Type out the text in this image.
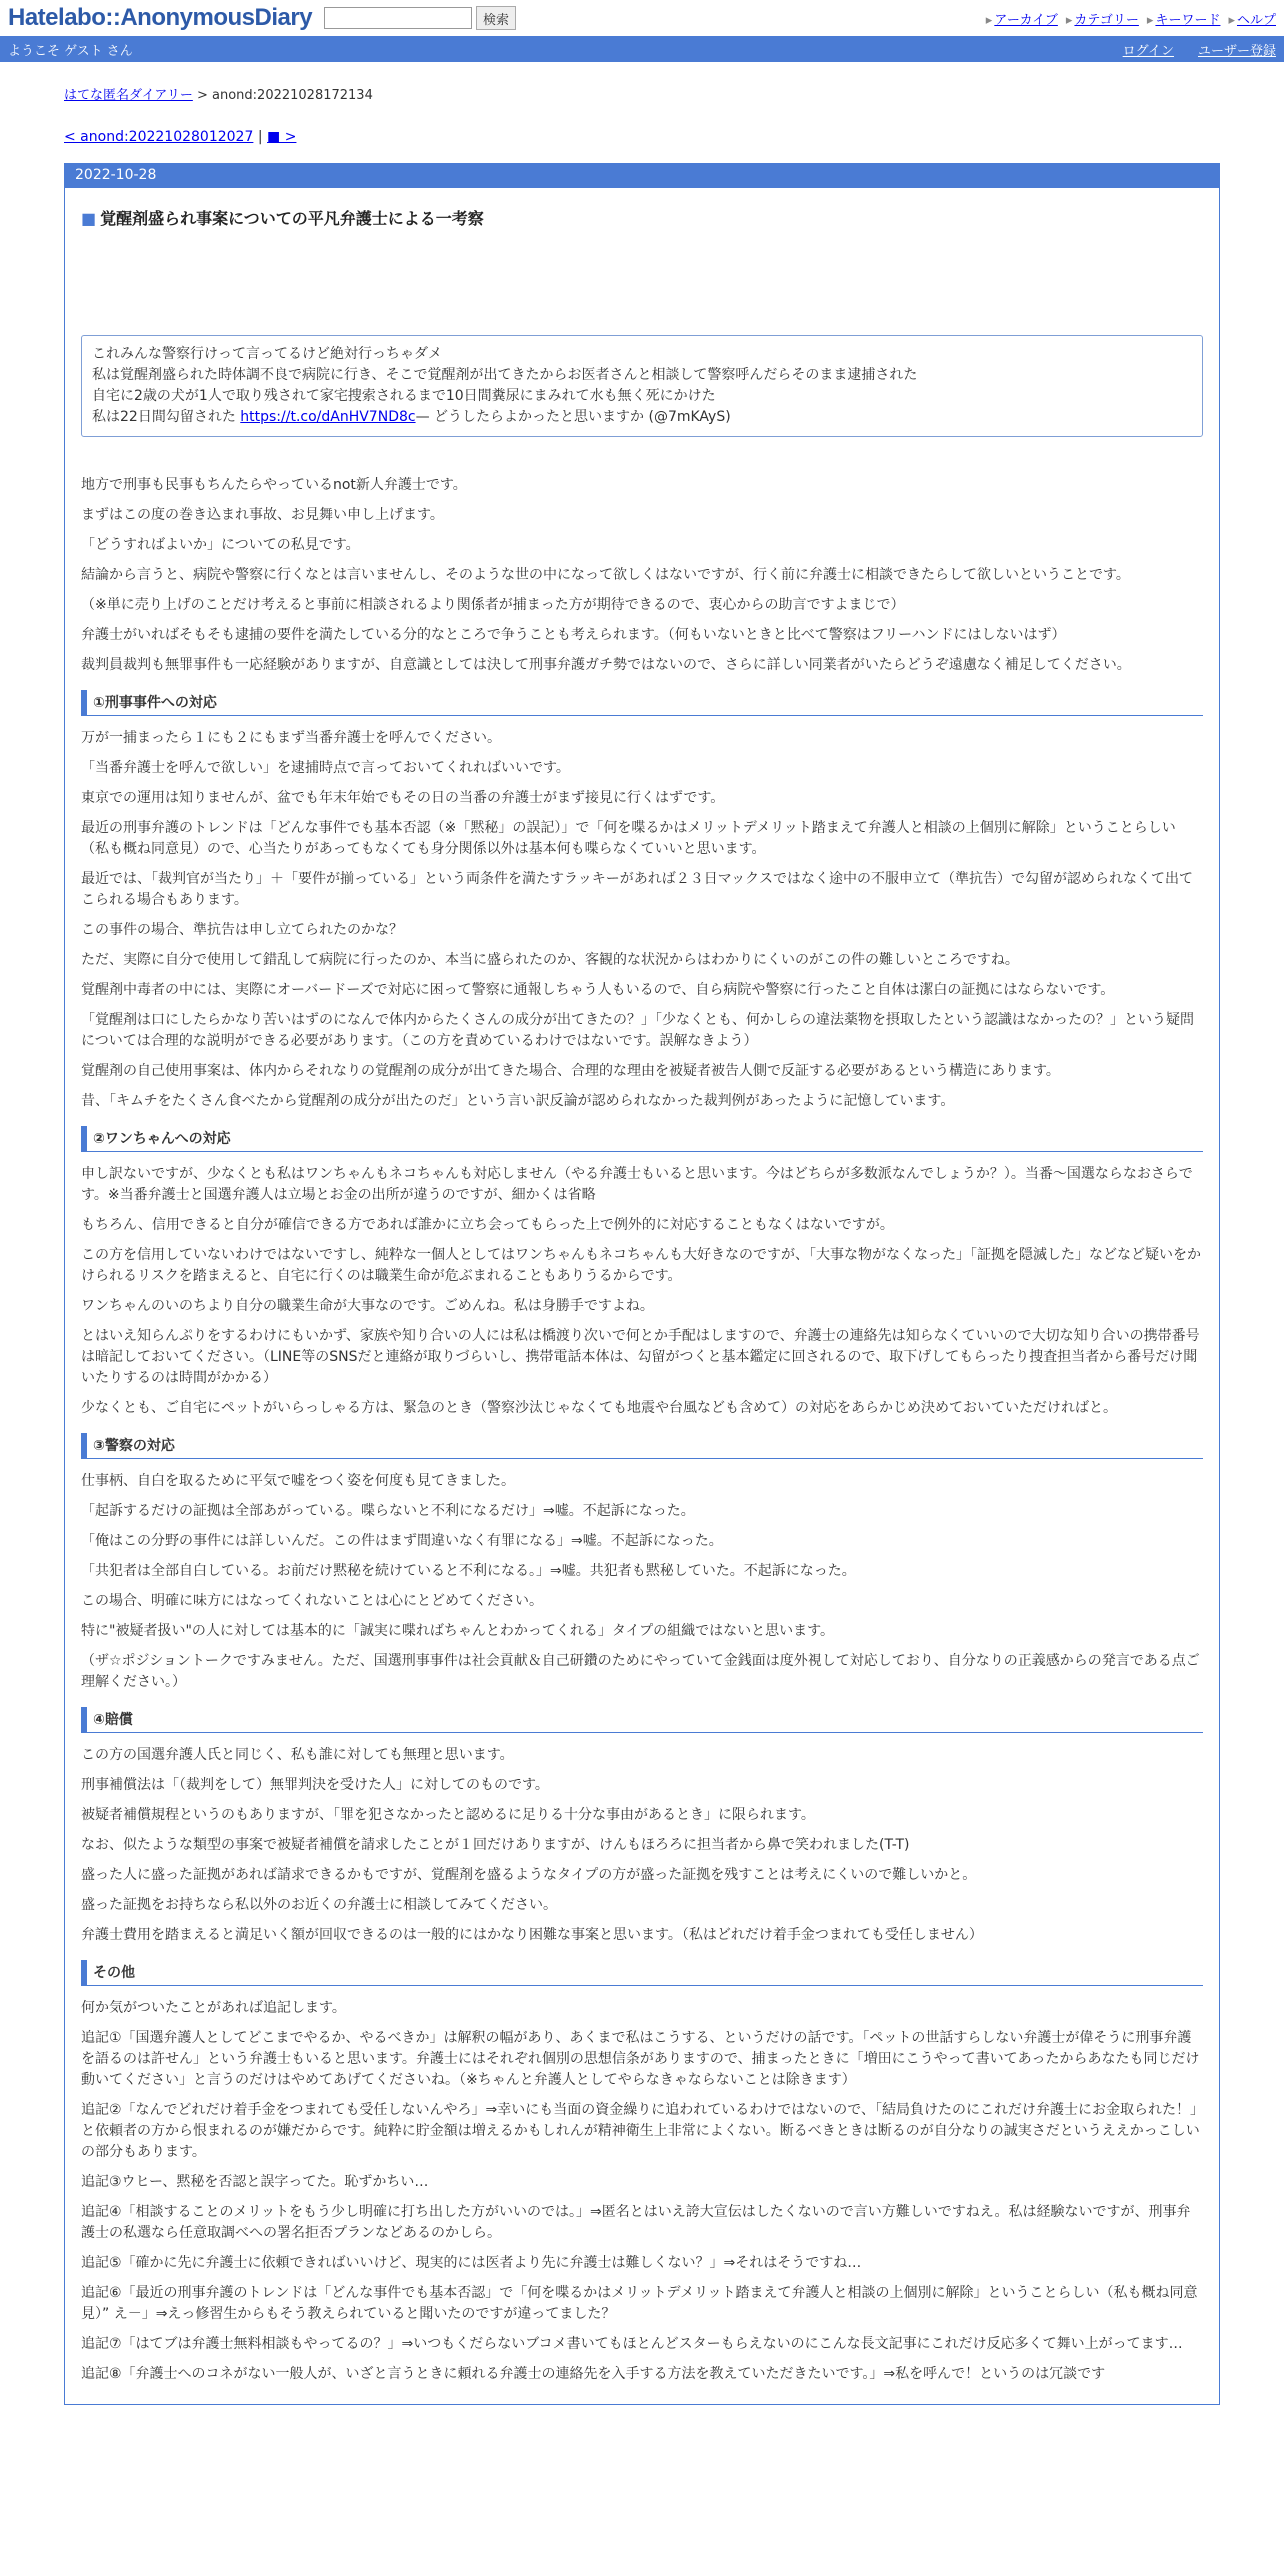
Hatelabo::AnonymousDiary	検索	▸ アーカイブ	▸ カテゴリー	▸ キーワード	▸ ヘルプ
ようこそ ゲスト さん	ログイン ユーザー登録
はてな匿名ダイアリー > anond:20221028172134
< anond:20221028012027 | ■ >
2022-10-28
■ 覚醒剤盛られ事案についての平凡弁護士による一考察
これみんな警察行けって言ってるけど絶対行っちゃダメ
私は覚醒剤盛られた時体調不良で病院に行き、そこで覚醒剤が出てきたからお医者さんと相談して警察呼んだらそのまま逮捕された
自宅に2歳の犬が1人で取り残されて家宅捜索されるまで10日間糞尿にまみれて水も無く死にかけた
私は22日間勾留された https://t.co/dAnHV7ND8c— どうしたらよかったと思いますか (@7mKAyS)

地方で刑事も民事もちんたらやっているnot新人弁護士です。

まずはこの度の巻き込まれ事故、お見舞い申し上げます。

「どうすればよいか」についての私見です。

結論から言うと、病院や警察に行くなとは言いませんし、そのような世の中になって欲しくはないですが、行く前に弁護士に相談できたらして欲しいということです。

（※単に売り上げのことだけ考えると事前に相談されるより関係者が捕まった方が期待できるので、衷心からの助言ですよまじで）

弁護士がいればそもそも逮捕の要件を満たしている分的なところで争うことも考えられます。（何もいないときと比べて警察はフリーハンドにはしないはず）

裁判員裁判も無罪事件も一応経験がありますが、自意識としては決して刑事弁護ガチ勢ではないので、さらに詳しい同業者がいたらどうぞ遠慮なく補足してください。

①刑事事件への対応

万が一捕まったら１にも２にもまず当番弁護士を呼んでください。

「当番弁護士を呼んで欲しい」を逮捕時点で言っておいてくれればいいです。

東京での運用は知りませんが、盆でも年末年始でもその日の当番の弁護士がまず接見に行くはずです。

最近の刑事弁護のトレンドは「どんな事件でも基本否認（※「黙秘」の誤記）」で「何を喋るかはメリットデメリット踏まえて弁護人と相談の上個別に解除」ということらしい（私も概ね同意見）ので、心当たりがあってもなくても身分関係以外は基本何も喋らなくていいと思います。

最近では、「裁判官が当たり」＋「要件が揃っている」という両条件を満たすラッキーがあれば２３日マックスではなく途中の不服申立て（準抗告）で勾留が認められなくて出てこられる場合もあります。

この事件の場合、準抗告は申し立てられたのかな？

ただ、実際に自分で使用して錯乱して病院に行ったのか、本当に盛られたのか、客観的な状況からはわかりにくいのがこの件の難しいところですね。

覚醒剤中毒者の中には、実際にオーバードーズで対応に困って警察に通報しちゃう人もいるので、自ら病院や警察に行ったこと自体は潔白の証拠にはならないです。

「覚醒剤は口にしたらかなり苦いはずのになんで体内からたくさんの成分が出てきたの？」「少なくとも、何かしらの違法薬物を摂取したという認識はなかったの？」という疑問については合理的な説明ができる必要があります。（この方を責めているわけではないです。誤解なきよう）

覚醒剤の自己使用事案は、体内からそれなりの覚醒剤の成分が出てきた場合、合理的な理由を被疑者被告人側で反証する必要があるという構造にあります。

昔、「キムチをたくさん食べたから覚醒剤の成分が出たのだ」という言い訳反論が認められなかった裁判例があったように記憶しています。

②ワンちゃんへの対応

申し訳ないですが、少なくとも私はワンちゃんもネコちゃんも対応しません（やる弁護士もいると思います。今はどちらが多数派なんでしょうか？）。当番～国選ならなおさらです。※当番弁護士と国選弁護人は立場とお金の出所が違うのですが、細かくは省略

もちろん、信用できると自分が確信できる方であれば誰かに立ち会ってもらった上で例外的に対応することもなくはないですが。

この方を信用していないわけではないですし、純粋な一個人としてはワンちゃんもネコちゃんも大好きなのですが、「大事な物がなくなった」「証拠を隠滅した」などなど疑いをかけられるリスクを踏まえると、自宅に行くのは職業生命が危ぶまれることもありうるからです。

ワンちゃんのいのちより自分の職業生命が大事なのです。ごめんね。私は身勝手ですよね。

とはいえ知らんぷりをするわけにもいかず、家族や知り合いの人には私は橋渡り次いで何とか手配はしますので、弁護士の連絡先は知らなくていいので大切な知り合いの携帯番号は暗記しておいてください。（LINE等のSNSだと連絡が取りづらいし、携帯電話本体は、勾留がつくと基本鑑定に回されるので、取下げしてもらったり捜査担当者から番号だけ聞いたりするのは時間がかかる）

少なくとも、ご自宅にペットがいらっしゃる方は、緊急のとき（警察沙汰じゃなくても地震や台風なども含めて）の対応をあらかじめ決めておいていただければと。

③警察の対応

仕事柄、自白を取るために平気で嘘をつく姿を何度も見てきました。

「起訴するだけの証拠は全部あがっている。喋らないと不利になるだけ」⇒嘘。不起訴になった。

「俺はこの分野の事件には詳しいんだ。この件はまず間違いなく有罪になる」⇒嘘。不起訴になった。

「共犯者は全部自白している。お前だけ黙秘を続けていると不利になる。」⇒嘘。共犯者も黙秘していた。不起訴になった。

この場合、明確に味方にはなってくれないことは心にとどめてください。

特に"被疑者扱い"の人に対しては基本的に「誠実に喋ればちゃんとわかってくれる」タイプの組織ではないと思います。

（ザ☆ポジショントークですみません。ただ、国選刑事事件は社会貢献＆自己研鑽のためにやっていて金銭面は度外視して対応しており、自分なりの正義感からの発言である点ご理解ください。）

④賠償

この方の国選弁護人氏と同じく、私も誰に対しても無理と思います。

刑事補償法は「（裁判をして）無罪判決を受けた人」に対してのものです。

被疑者補償規程というのもありますが、「罪を犯さなかったと認めるに足りる十分な事由があるとき」に限られます。

なお、似たような類型の事案で被疑者補償を請求したことが１回だけありますが、けんもほろろに担当者から鼻で笑われました(T-T)

盛った人に盛った証拠があれば請求できるかもですが、覚醒剤を盛るようなタイプの方が盛った証拠を残すことは考えにくいので難しいかと。

盛った証拠をお持ちなら私以外のお近くの弁護士に相談してみてください。

弁護士費用を踏まえると満足いく額が回収できるのは一般的にはかなり困難な事案と思います。（私はどれだけ着手金つまれても受任しません）

その他

何か気がついたことがあれば追記します。

追記①「国選弁護人としてどこまでやるか、やるべきか」は解釈の幅があり、あくまで私はこうする、というだけの話です。「ペットの世話すらしない弁護士が偉そうに刑事弁護を語るのは許せん」という弁護士もいると思います。弁護士にはそれぞれ個別の思想信条がありますので、捕まったときに「増田にこうやって書いてあったからあなたも同じだけ動いてください」と言うのだけはやめてあげてくださいね。（※ちゃんと弁護人としてやらなきゃならないことは除きます）

追記②「なんでどれだけ着手金をつまれても受任しないんやろ」⇒幸いにも当面の資金繰りに追われているわけではないので、「結局負けたのにこれだけ弁護士にお金取られた！」と依頼者の方から恨まれるのが嫌だからです。純粋に貯金額は増えるかもしれんが精神衛生上非常によくない。断るべきときは断るのが自分なりの誠実さだというええかっこしいの部分もあります。

追記③ウヒー、黙秘を否認と誤字ってた。恥ずかちい…

追記④「相談することのメリットをもう少し明確に打ち出した方がいいのでは。」⇒匿名とはいえ誇大宣伝はしたくないので言い方難しいですねえ。私は経験ないですが、刑事弁護士の私選なら任意取調べへの署名拒否プランなどあるのかしら。

追記⑤「確かに先に弁護士に依頼できればいいけど、現実的には医者より先に弁護士は難しくない？」⇒それはそうですね…

追記⑥「最近の刑事弁護のトレンドは「どんな事件でも基本否認」で「何を喋るかはメリットデメリット踏まえて弁護人と相談の上個別に解除」ということらしい（私も概ね同意見）” え－」⇒えっ修習生からもそう教えられていると聞いたのですが違ってました？

追記⑦「はてブは弁護士無料相談もやってるの？」⇒いつもくだらないブコメ書いてもほとんどスターもらえないのにこんな長文記事にこれだけ反応多くて舞い上がってます…

追記⑧「弁護士へのコネがない一般人が、いざと言うときに頼れる弁護士の連絡先を入手する方法を教えていただきたいです。」⇒私を呼んで！というのは冗談です
